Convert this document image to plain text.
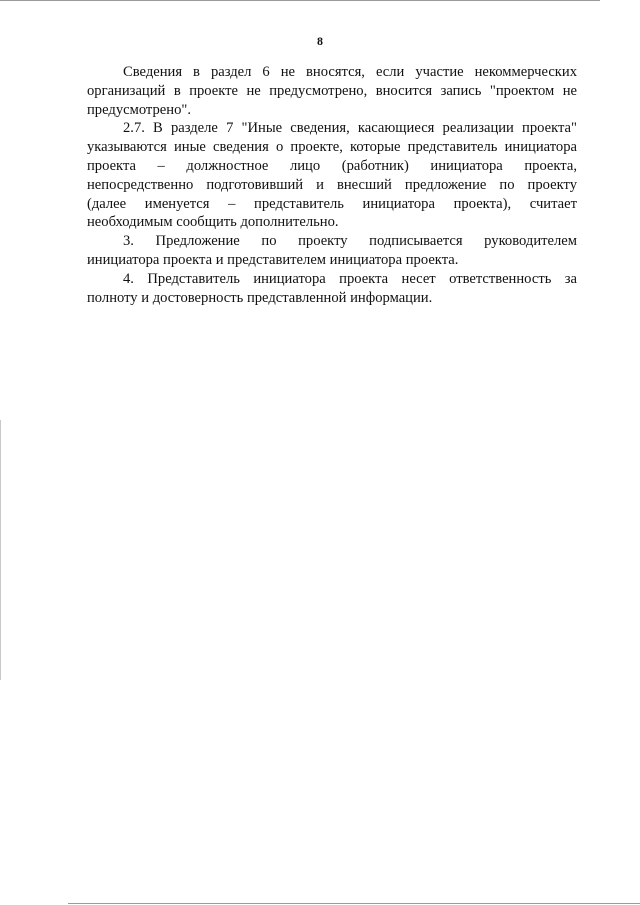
8
Сведения в раздел 6 не вносятся, если участие некоммерческих
организаций в проекте не предусмотрено, вносится запись "проектом не
предусмотрено".
2.7. В разделе 7 "Иные сведения, касающиеся реализации проекта"
указываются иные сведения о проекте, которые представитель инициатора
проекта – должностное лицо (работник) инициатора проекта,
непосредственно подготовивший и внесший предложение по проекту
(далее именуется – представитель инициатора проекта), считает
необходимым сообщить дополнительно.
3. Предложение по проекту подписывается руководителем
инициатора проекта и представителем инициатора проекта.
4. Представитель инициатора проекта несет ответственность за
полноту и достоверность представленной информации.
